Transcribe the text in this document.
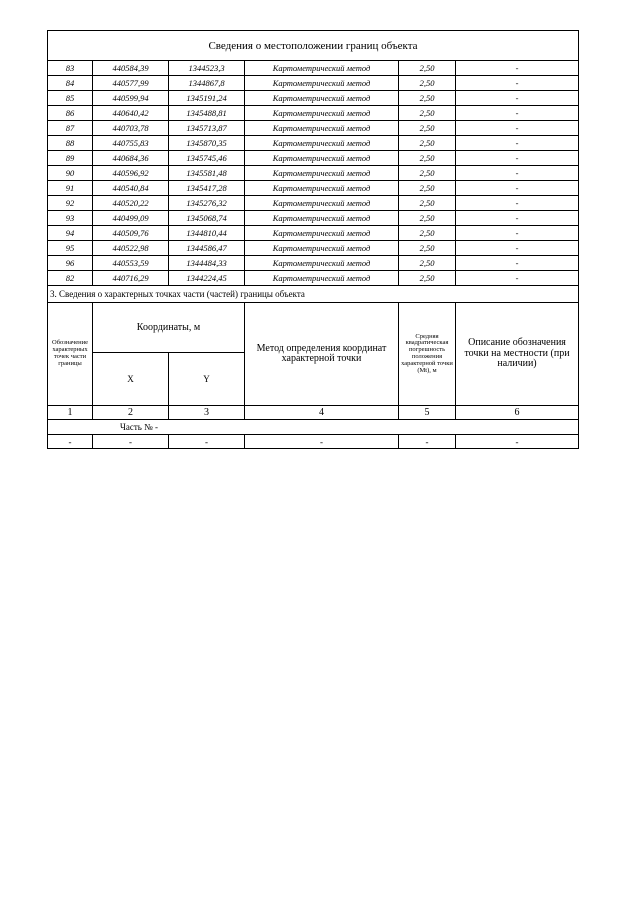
Сведения о местоположении границ объекта					
83	440584,39	1344523,3	Картометрический метод	2,50	-
84	440577,99	1344867,8	Картометрический метод	2,50	-
85	440599,94	1345191,24	Картометрический метод	2,50	-
86	440640,42	1345488,81	Картометрический метод	2,50	-
87	440703,78	1345713,87	Картометрический метод	2,50	-
88	440755,83	1345870,35	Картометрический метод	2,50	-
89	440684,36	1345745,46	Картометрический метод	2,50	-
90	440596,92	1345581,48	Картометрический метод	2,50	-
91	440540,84	1345417,28	Картометрический метод	2,50	-
92	440520,22	1345276,32	Картометрический метод	2,50	-
93	440499,09	1345068,74	Картометрический метод	2,50	-
94	440509,76	1344810,44	Картометрический метод	2,50	-
95	440522,98	1344586,47	Картометрический метод	2,50	-
96	440553,59	1344484,33	Картометрический метод	2,50	-
82	440716,29	1344224,45	Картометрический метод	2,50	-
3. Сведения о характерных точках части (частей) границы объекта					
Обозначение характерных точек части границы	Координаты, м		Метод определения координат характерной точки	Средняя квадратическая погрешность положения характерной точки (Mt), м	Описание обозначения точки на местности (при наличии)
	X	Y			
1	2	3	4	5	6
Часть № -					
-	-	-	-	-	-
